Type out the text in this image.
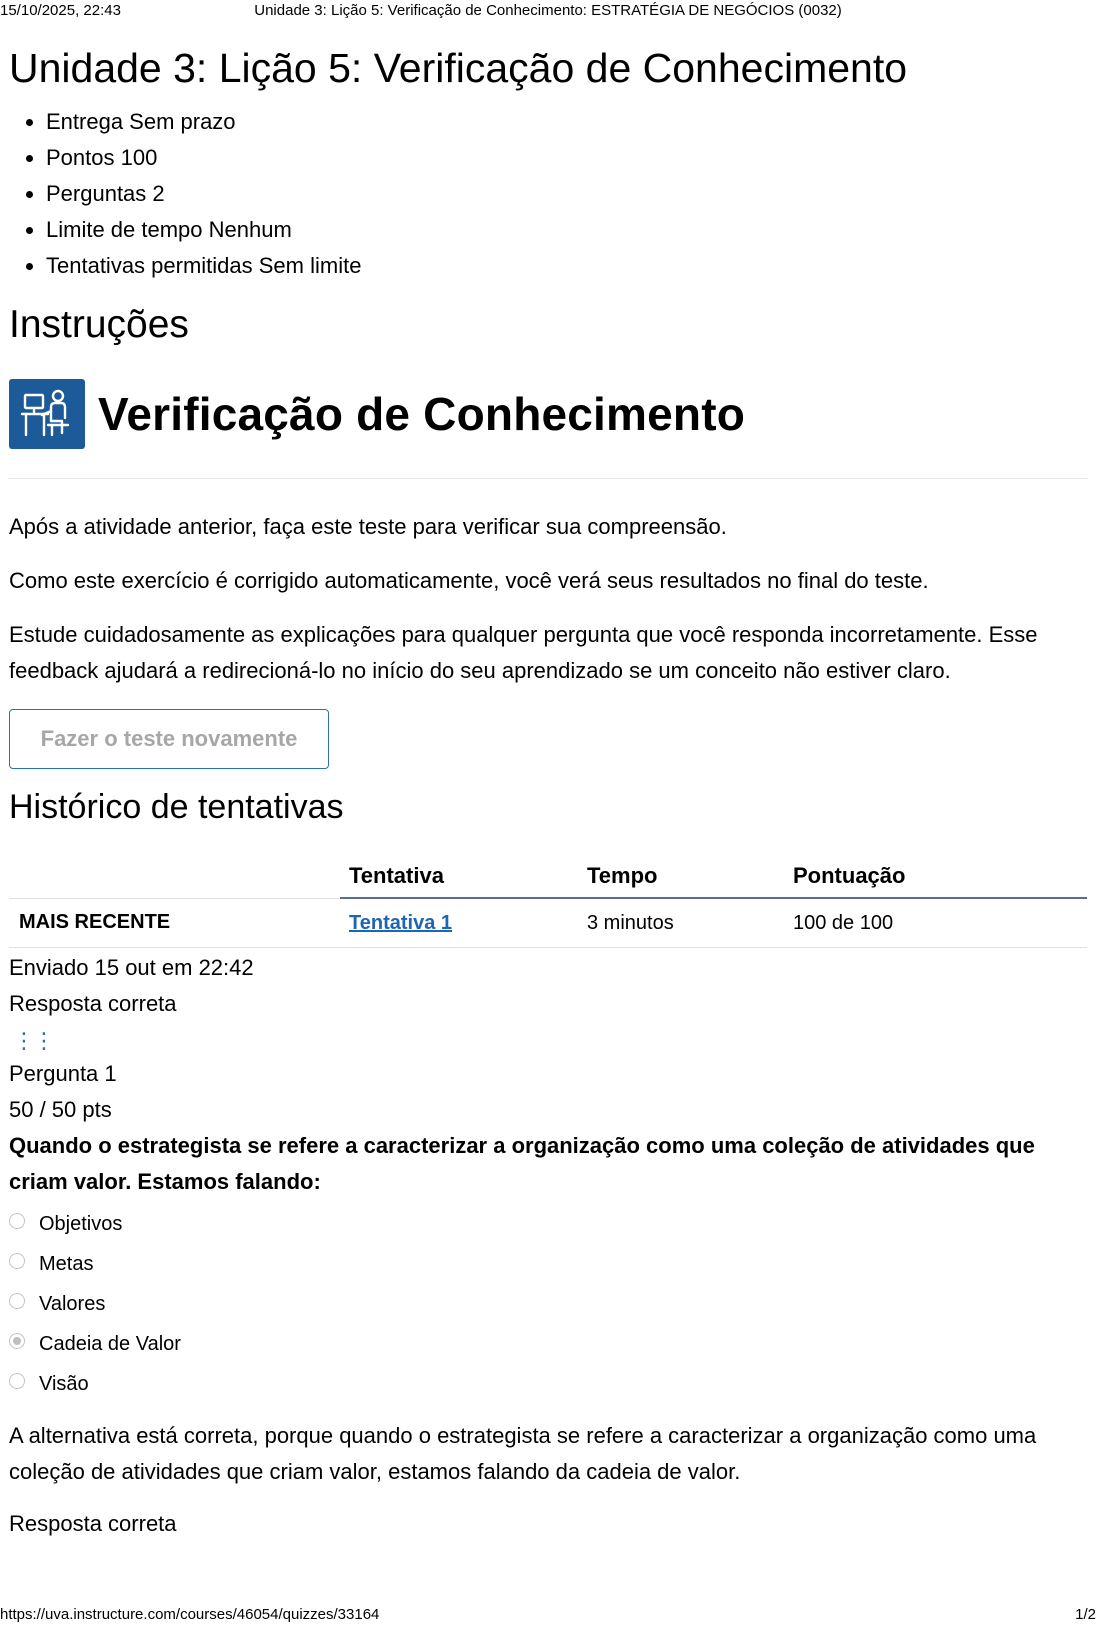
15/10/2025, 22:43	Unidade 3: Lição 5: Verificação de Conhecimento: ESTRATÉGIA DE NEGÓCIOS (0032)
Unidade 3: Lição 5: Verificação de Conhecimento
• Entrega Sem prazo
• Pontos 100
• Perguntas 2
• Limite de tempo Nenhum
• Tentativas permitidas Sem limite
Instruções
Verificação de Conhecimento

Após a atividade anterior, faça este teste para verificar sua compreensão.

Como este exercício é corrigido automaticamente, você verá seus resultados no final do teste.

Estude cuidadosamente as explicações para qualquer pergunta que você responda incorretamente. Esse feedback ajudará a redirecioná-lo no início do seu aprendizado se um conceito não estiver claro.

Fazer o teste novamente
Histórico de tentativas
	Tentativa	Tempo	Pontuação
MAIS RECENTE	Tentativa 1	3 minutos	100 de 100

Enviado 15 out em 22:42

Resposta correta

⋮⋮

Pergunta 1

50 / 50 pts

Quando o estrategista se refere a caracterizar a organização como uma coleção de atividades que criam valor. Estamos falando:

Objetivos
Metas
Valores
Cadeia de Valor
Visão

A alternativa está correta, porque quando o estrategista se refere a caracterizar a organização como uma coleção de atividades que criam valor, estamos falando da cadeia de valor.

Resposta correta

https://uva.instructure.com/courses/46054/quizzes/33164	1/2
